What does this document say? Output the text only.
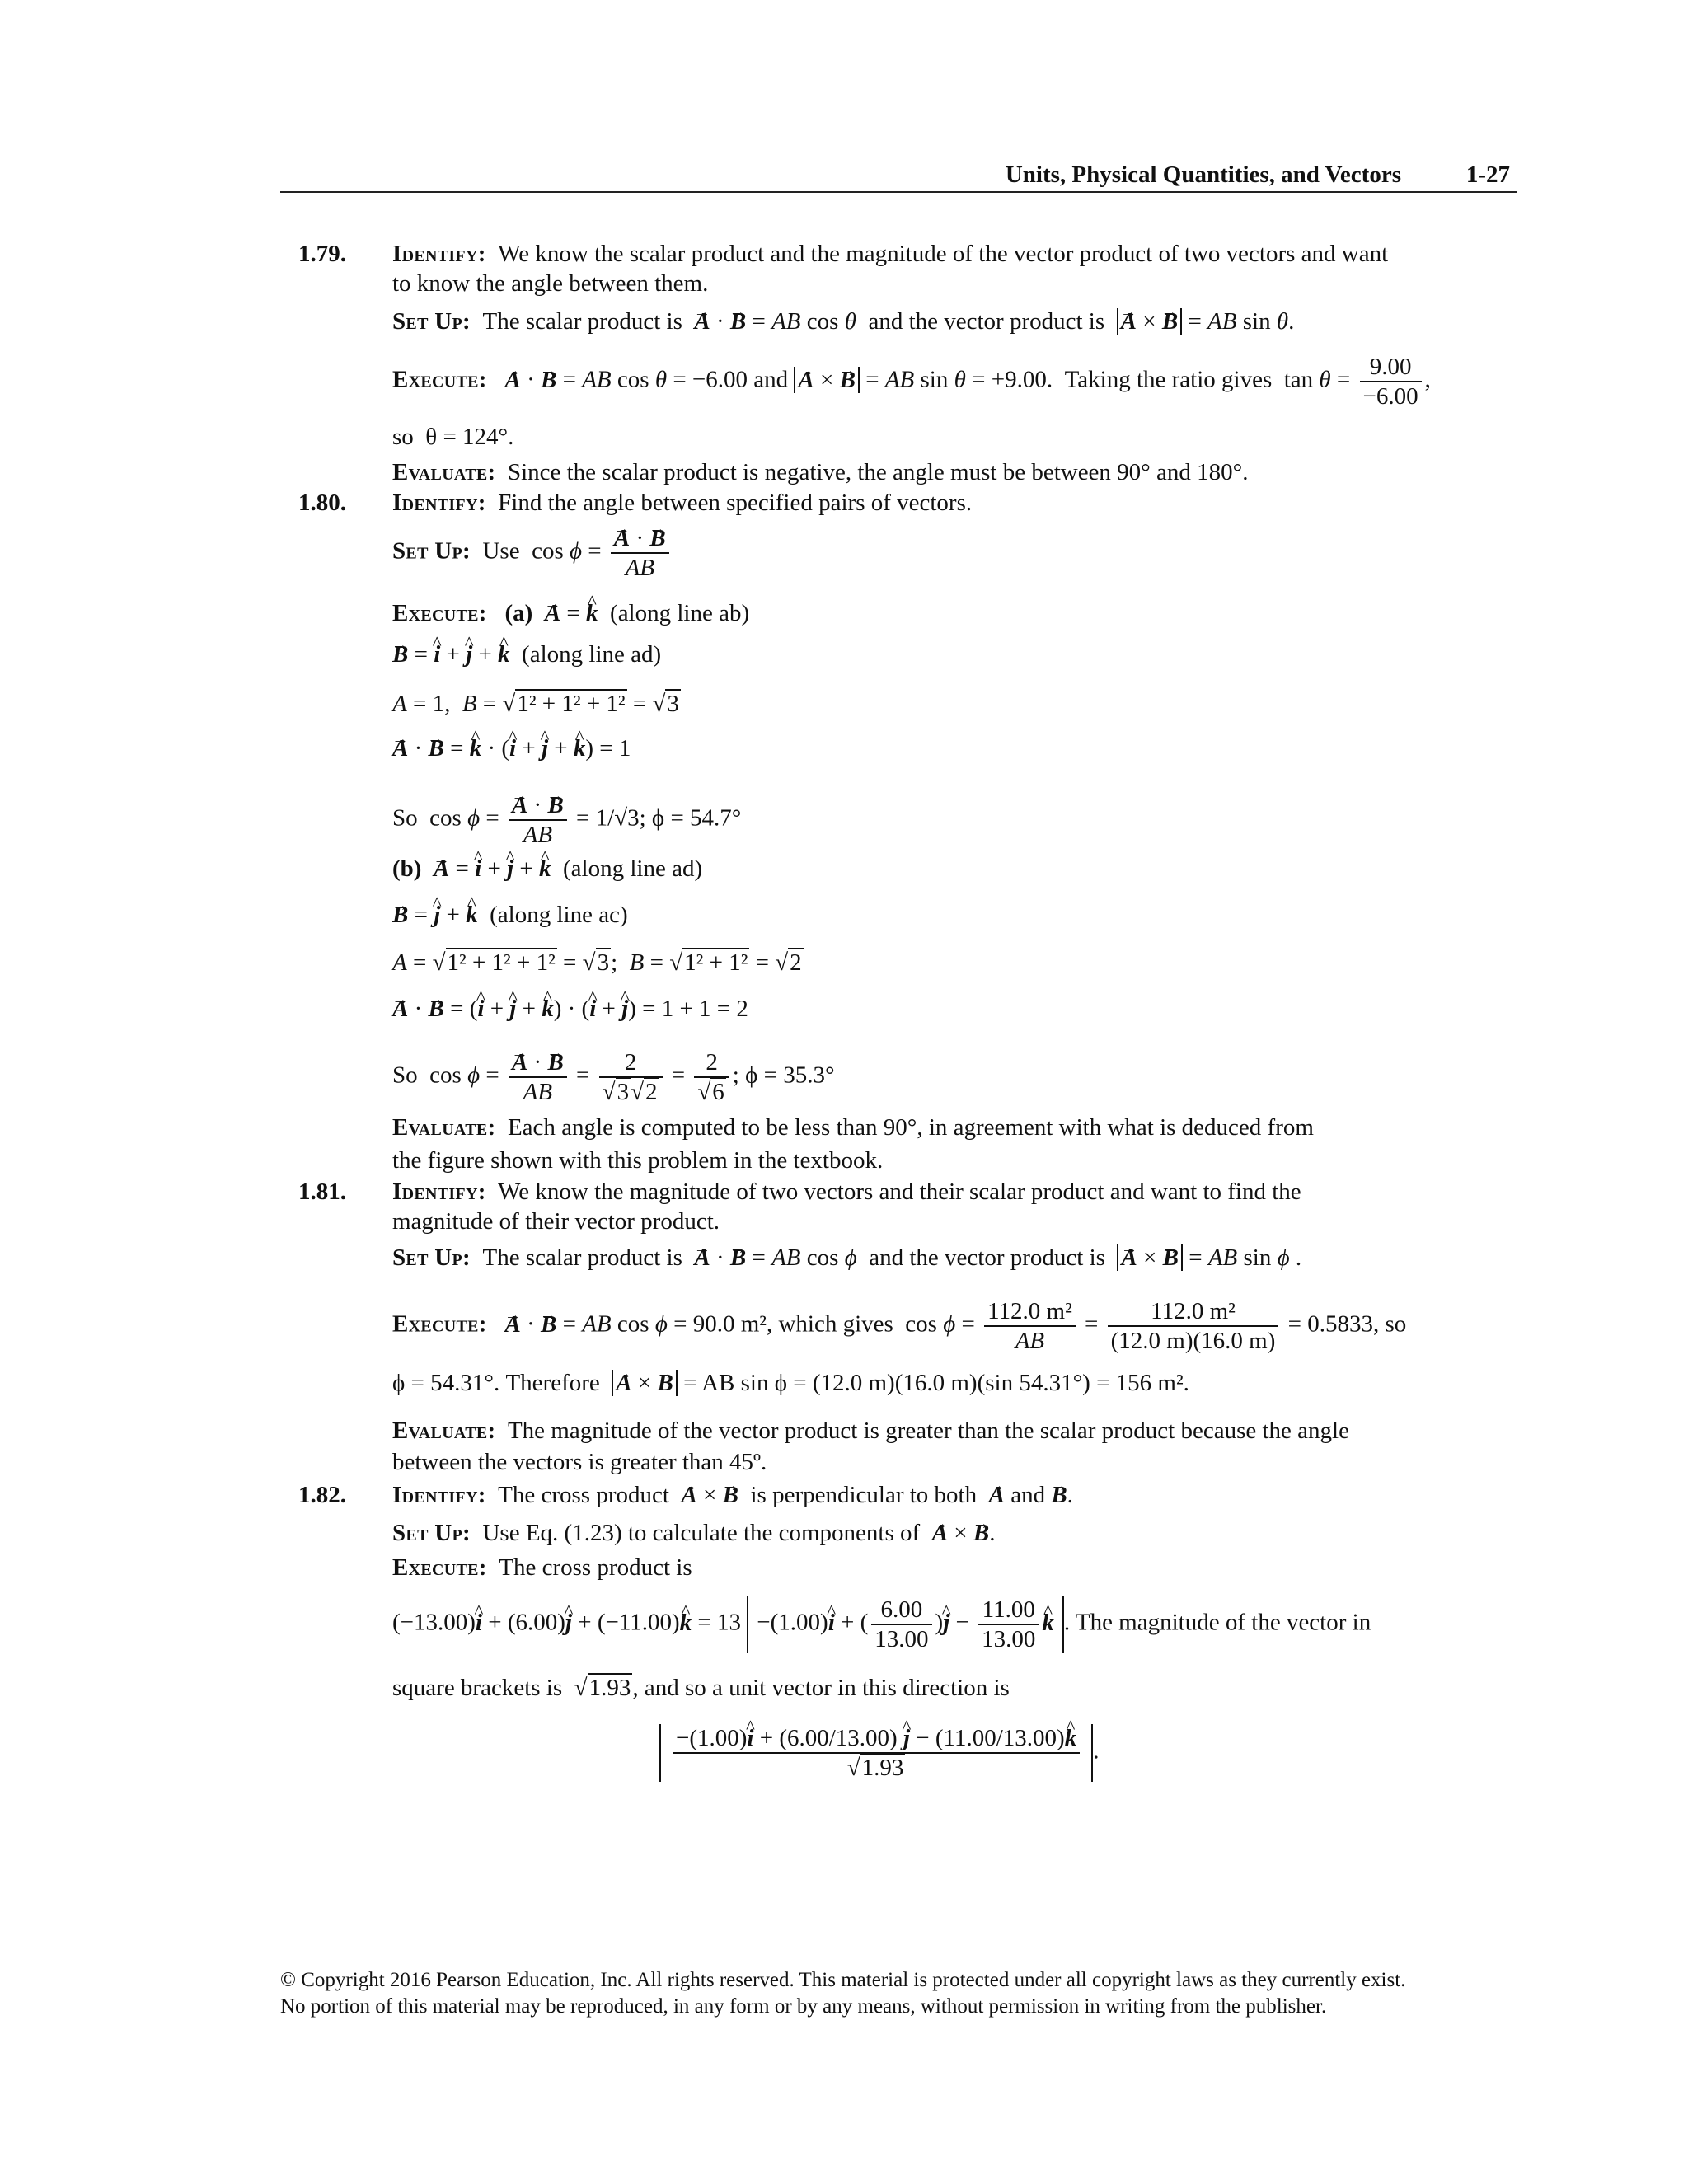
Units, Physical Quantities, and Vectors	1-27
1.79. Identify: We know the scalar product and the magnitude of the vector product of two vectors and want
to know the angle between them.
Set Up: The scalar product is → A · → B = AB cos θ and the vector product is → A × → B = AB sin θ.
Execute: → A · → B = AB cos θ = −6.00 and → A × → B = AB sin θ = +9.00.  Taking the ratio gives  $\tan \theta = \frac{9.00}{-6.00}$ ,
so θ = 124°.
Evaluate: Since the scalar product is negative, the angle must be between 90° and 180°.
1.80. Identify: Find the angle between specified pairs of vectors.
Set Up: Use  cos ϕ = → $\frac{A \cdot \to B}{AB}$
Execute: (a) → A = ^ k (along line ab)
→ B = ^ i + ^ j + ^ k (along line ad)
A = 1,  B = √1² + 1² + 1² = √3
→ A · → B = ^ k · (^ i + ^ j + ^ k) = 1
So  cos ϕ = → $\frac{A \cdot \to B}{AB} = 1/√3$; ϕ = 54.7°
(b) → A = ^ i + ^ j + ^ k (along line ad)
→ B = ^ j + ^ k (along line ac)
A = √1² + 1² + 1² = √3;  B = √1² + 1² = √2
→ A · → B = (^ i + ^ j + ^ k) · (^ i + ^ j) = 1 + 1 = 2
So  cos ϕ = → $\frac{A \cdot \to B}{AB} = \frac{2}{√3√2} = \frac{2}{√6}$ ; ϕ = 35.3°
Evaluate: Each angle is computed to be less than 90°, in agreement with what is deduced from
the figure shown with this problem in the textbook.
1.81. Identify: We know the magnitude of two vectors and their scalar product and want to find the
magnitude of their vector product.
Set Up: The scalar product is → A · → B = AB cos ϕ and the vector product is → A × → B = AB sin ϕ .
Execute: → A · → B = AB cos ϕ = 90.0 m², which gives  $\cos \phi = \frac{\text{112.0 m²}}{AB} = \frac{\text{112.0 m²}}{(12.0 m)(16.0 m)} = 0.5833$, so
ϕ = 54.31°. Therefore → A × → B = AB sin ϕ = (12.0 m)(16.0 m)(sin 54.31°) = 156 m².
Evaluate: The magnitude of the vector product is greater than the scalar product because the angle
between the vectors is greater than 45º.
1.82. Identify: The cross product → A × → B is perpendicular to both → A and → B.
Set Up: Use Eq. (1.23) to calculate the components of → A × → B.
Execute: The cross product is
(−13.00)^ i + (6.00)^ j + (−11.00)^ k = 13 −(1.00)^ i + ( $\frac{6.00}{13.00}$ )^ $j - \frac{11.00}{13.00}$ ^ k . The magnitude of the vector in
square brackets is  √1.93, and so a unit vector in this direction is
$\frac{-(1.00)\^{} i + (6.00/13.00) \^{} j - (11.00/13.00)\^{} k}{√1.93}$ .
© Copyright 2016 Pearson Education, Inc. All rights reserved. This material is protected under all copyright laws as they currently exist.
No portion of this material may be reproduced, in any form or by any means, without permission in writing from the publisher.
